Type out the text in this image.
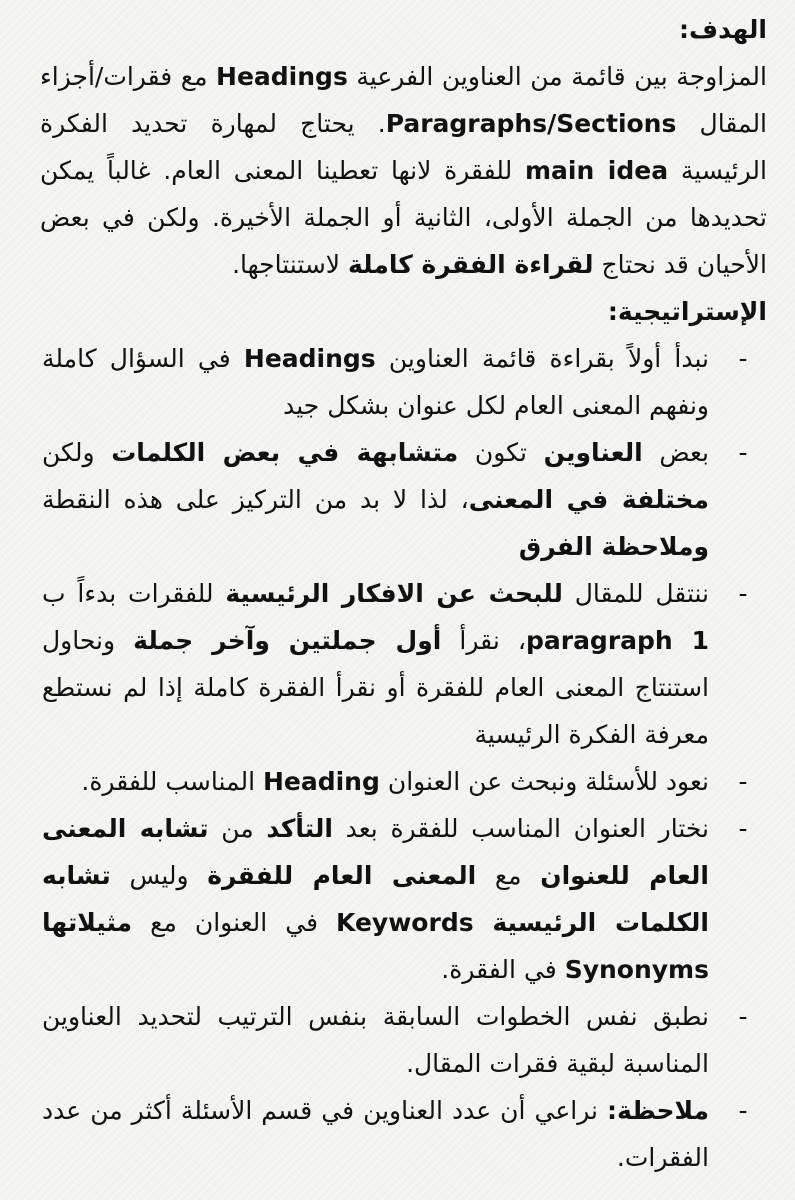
الهدف:

المزاوجة بين قائمة من العناوين الفرعية Headings مع فقرات/أجزاء المقال Paragraphs/Sections. يحتاج لمهارة تحديد الفكرة الرئيسية main idea للفقرة لانها تعطينا المعنى العام. غالباً يمكن تحديدها من الجملة الأولى، الثانية أو الجملة الأخيرة. ولكن في بعض الأحيان قد نحتاج لقراءة الفقرة كاملة لاستنتاجها.

الإستراتيجية:
-
نبدأ أولاً بقراءة قائمة العناوين Headings في السؤال كاملة ونفهم المعنى العام لكل عنوان بشكل جيد
-
بعض العناوين تكون متشابهة في بعض الكلمات ولكن مختلفة في المعنى، لذا لا بد من التركيز على هذه النقطة وملاحظة الفرق
-
ننتقل للمقال للبحث عن الافكار الرئيسية للفقرات بدءاً ب paragraph 1، نقرأ أول جملتين وآخر جملة ونحاول استنتاج المعنى العام للفقرة أو نقرأ الفقرة كاملة إذا لم نستطع معرفة الفكرة الرئيسية
-
نعود للأسئلة ونبحث عن العنوان Heading المناسب للفقرة.
-
نختار العنوان المناسب للفقرة بعد التأكد من تشابه المعنى العام للعنوان مع المعنى العام للفقرة وليس تشابه الكلمات الرئيسية Keywords في العنوان مع مثيلاتها Synonyms في الفقرة.
-
نطبق نفس الخطوات السابقة بنفس الترتيب لتحديد العناوين المناسبة لبقية فقرات المقال.
-
ملاحظة: نراعي أن عدد العناوين في قسم الأسئلة أكثر من عدد الفقرات.
